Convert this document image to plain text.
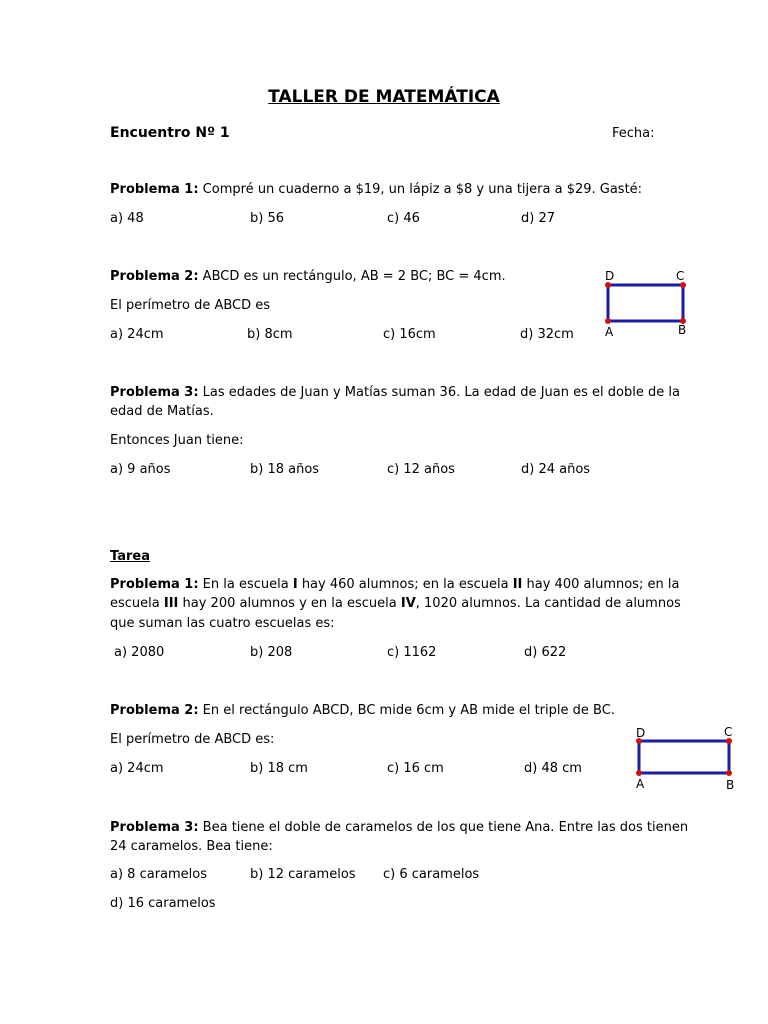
TALLER DE MATEMÁTICA
Encuentro Nº 1	Fecha:
Problema 1: Compré un cuaderno a $19, un lápiz a $8 y una tijera a $29. Gasté:
a) 48	b) 56	c) 46	d) 27
Problema 2: ABCD es un rectángulo, AB = 2 BC; BC = 4cm.
El perímetro de ABCD es
a) 24cm	b) 8cm	c) 16cm	d) 32cm
D	C
A	B
Problema 3: Las edades de Juan y Matías suman 36. La edad de Juan es el doble de la
edad de Matías.
Entonces Juan tiene:
a) 9 años	b) 18 años	c) 12 años	d) 24 años
Tarea
Problema 1: En la escuela I hay 460 alumnos; en la escuela II hay 400 alumnos; en la
escuela III hay 200 alumnos y en la escuela IV, 1020 alumnos. La cantidad de alumnos
que suman las cuatro escuelas es:
a) 2080	b) 208	c) 1162	d) 622
Problema 2: En el rectángulo ABCD, BC mide 6cm y AB mide el triple de BC.
El perímetro de ABCD es:
a) 24cm	b) 18 cm	c) 16 cm	d) 48 cm
D	C
A	B
Problema 3: Bea tiene el doble de caramelos de los que tiene Ana. Entre las dos tienen
24 caramelos. Bea tiene:
a) 8 caramelos	b) 12 caramelos c) 6 caramelos
d) 16 caramelos
